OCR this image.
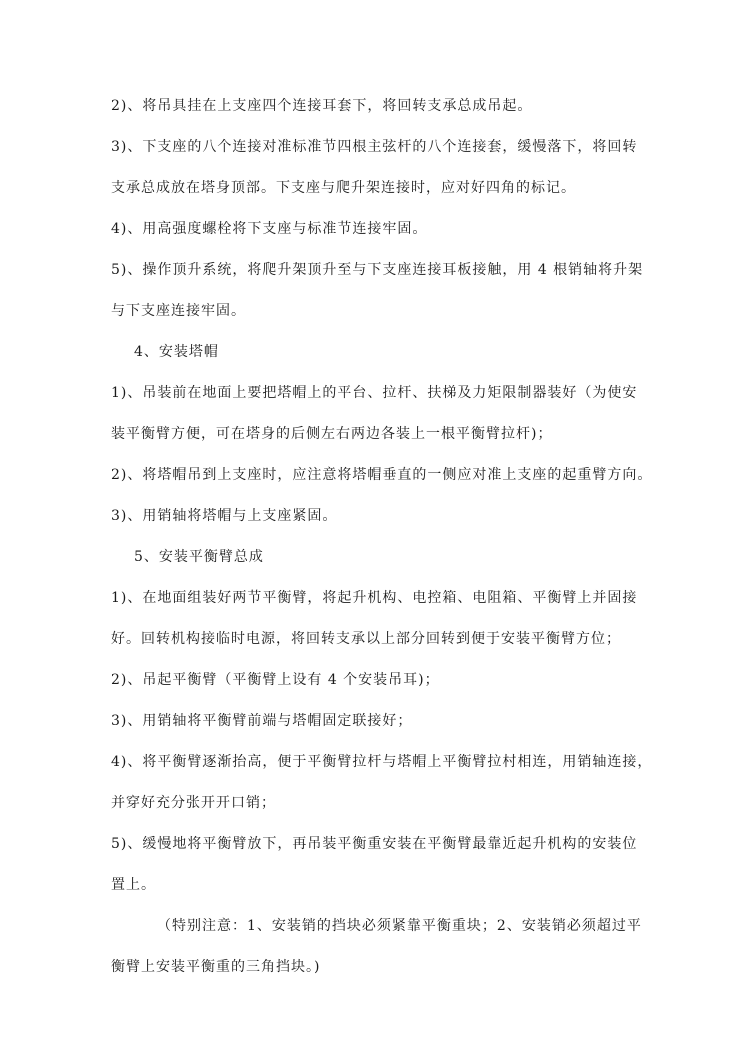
2)、将吊具挂在上支座四个连接耳套下，将回转支承总成吊起。
3)、下支座的八个连接对准标准节四根主弦杆的八个连接套，缓慢落下，将回转
支承总成放在塔身顶部。下支座与爬升架连接时，应对好四角的标记。
4)、用高强度螺栓将下支座与标准节连接牢固。
5)、操作顶升系统，将爬升架顶升至与下支座连接耳板接触，用 4 根销轴将升架
与下支座连接牢固。
4、安装塔帽
1)、吊装前在地面上要把塔帽上的平台、拉杆、扶梯及力矩限制器装好（为使安
装平衡臂方便，可在塔身的后侧左右两边各装上一根平衡臂拉杆)；
2)、将塔帽吊到上支座时，应注意将塔帽垂直的一侧应对准上支座的起重臂方向。
3)、用销轴将塔帽与上支座紧固。
5、安装平衡臂总成
1)、在地面组装好两节平衡臂，将起升机构、电控箱、电阻箱、平衡臂上并固接
好。回转机构接临时电源，将回转支承以上部分回转到便于安装平衡臂方位；
2)、吊起平衡臂（平衡臂上设有 4 个安装吊耳)；
3)、用销轴将平衡臂前端与塔帽固定联接好；
4)、将平衡臂逐渐抬高，便于平衡臂拉杆与塔帽上平衡臂拉村相连，用销轴连接，
并穿好充分张开开口销；
5)、缓慢地将平衡臂放下，再吊装平衡重安装在平衡臂最靠近起升机构的安装位
置上。
（特别注意：1、安装销的挡块必须紧靠平衡重块；2、安装销必须超过平
衡臂上安装平衡重的三角挡块。)
